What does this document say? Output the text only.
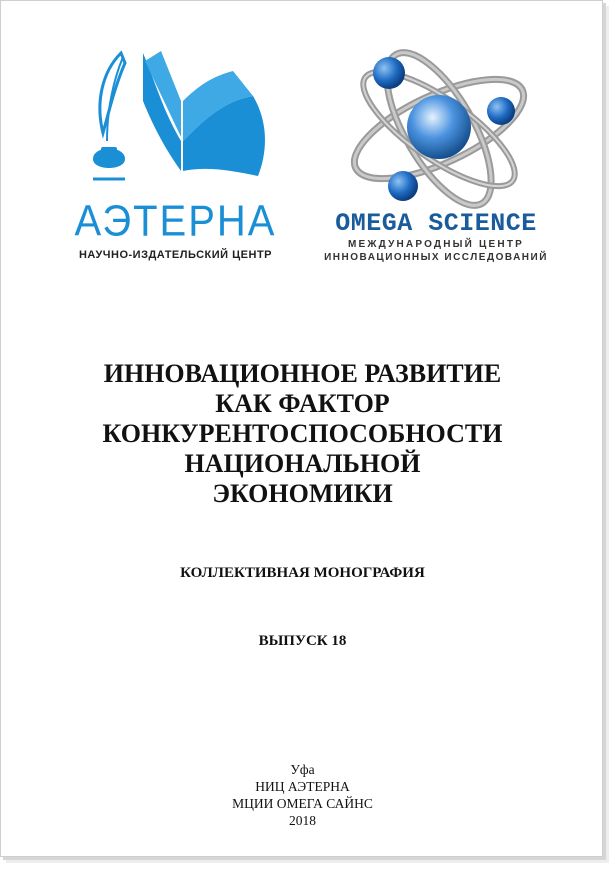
АЭТЕРНА
НАУЧНО-ИЗДАТЕЛЬСКИЙ ЦЕНТР
OMEGA SCIENCE
МЕЖДУНАРОДНЫЙ ЦЕНТР
ИННОВАЦИОННЫХ ИССЛЕДОВАНИЙ
ИННОВАЦИОННОЕ РАЗВИТИЕ
КАК ФАКТОР
КОНКУРЕНТОСПОСОБНОСТИ
НАЦИОНАЛЬНОЙ
ЭКОНОМИКИ
КОЛЛЕКТИВНАЯ МОНОГРАФИЯ
ВЫПУСК 18
Уфа
НИЦ АЭТЕРНА
МЦИИ ОМЕГА САЙНС
2018
